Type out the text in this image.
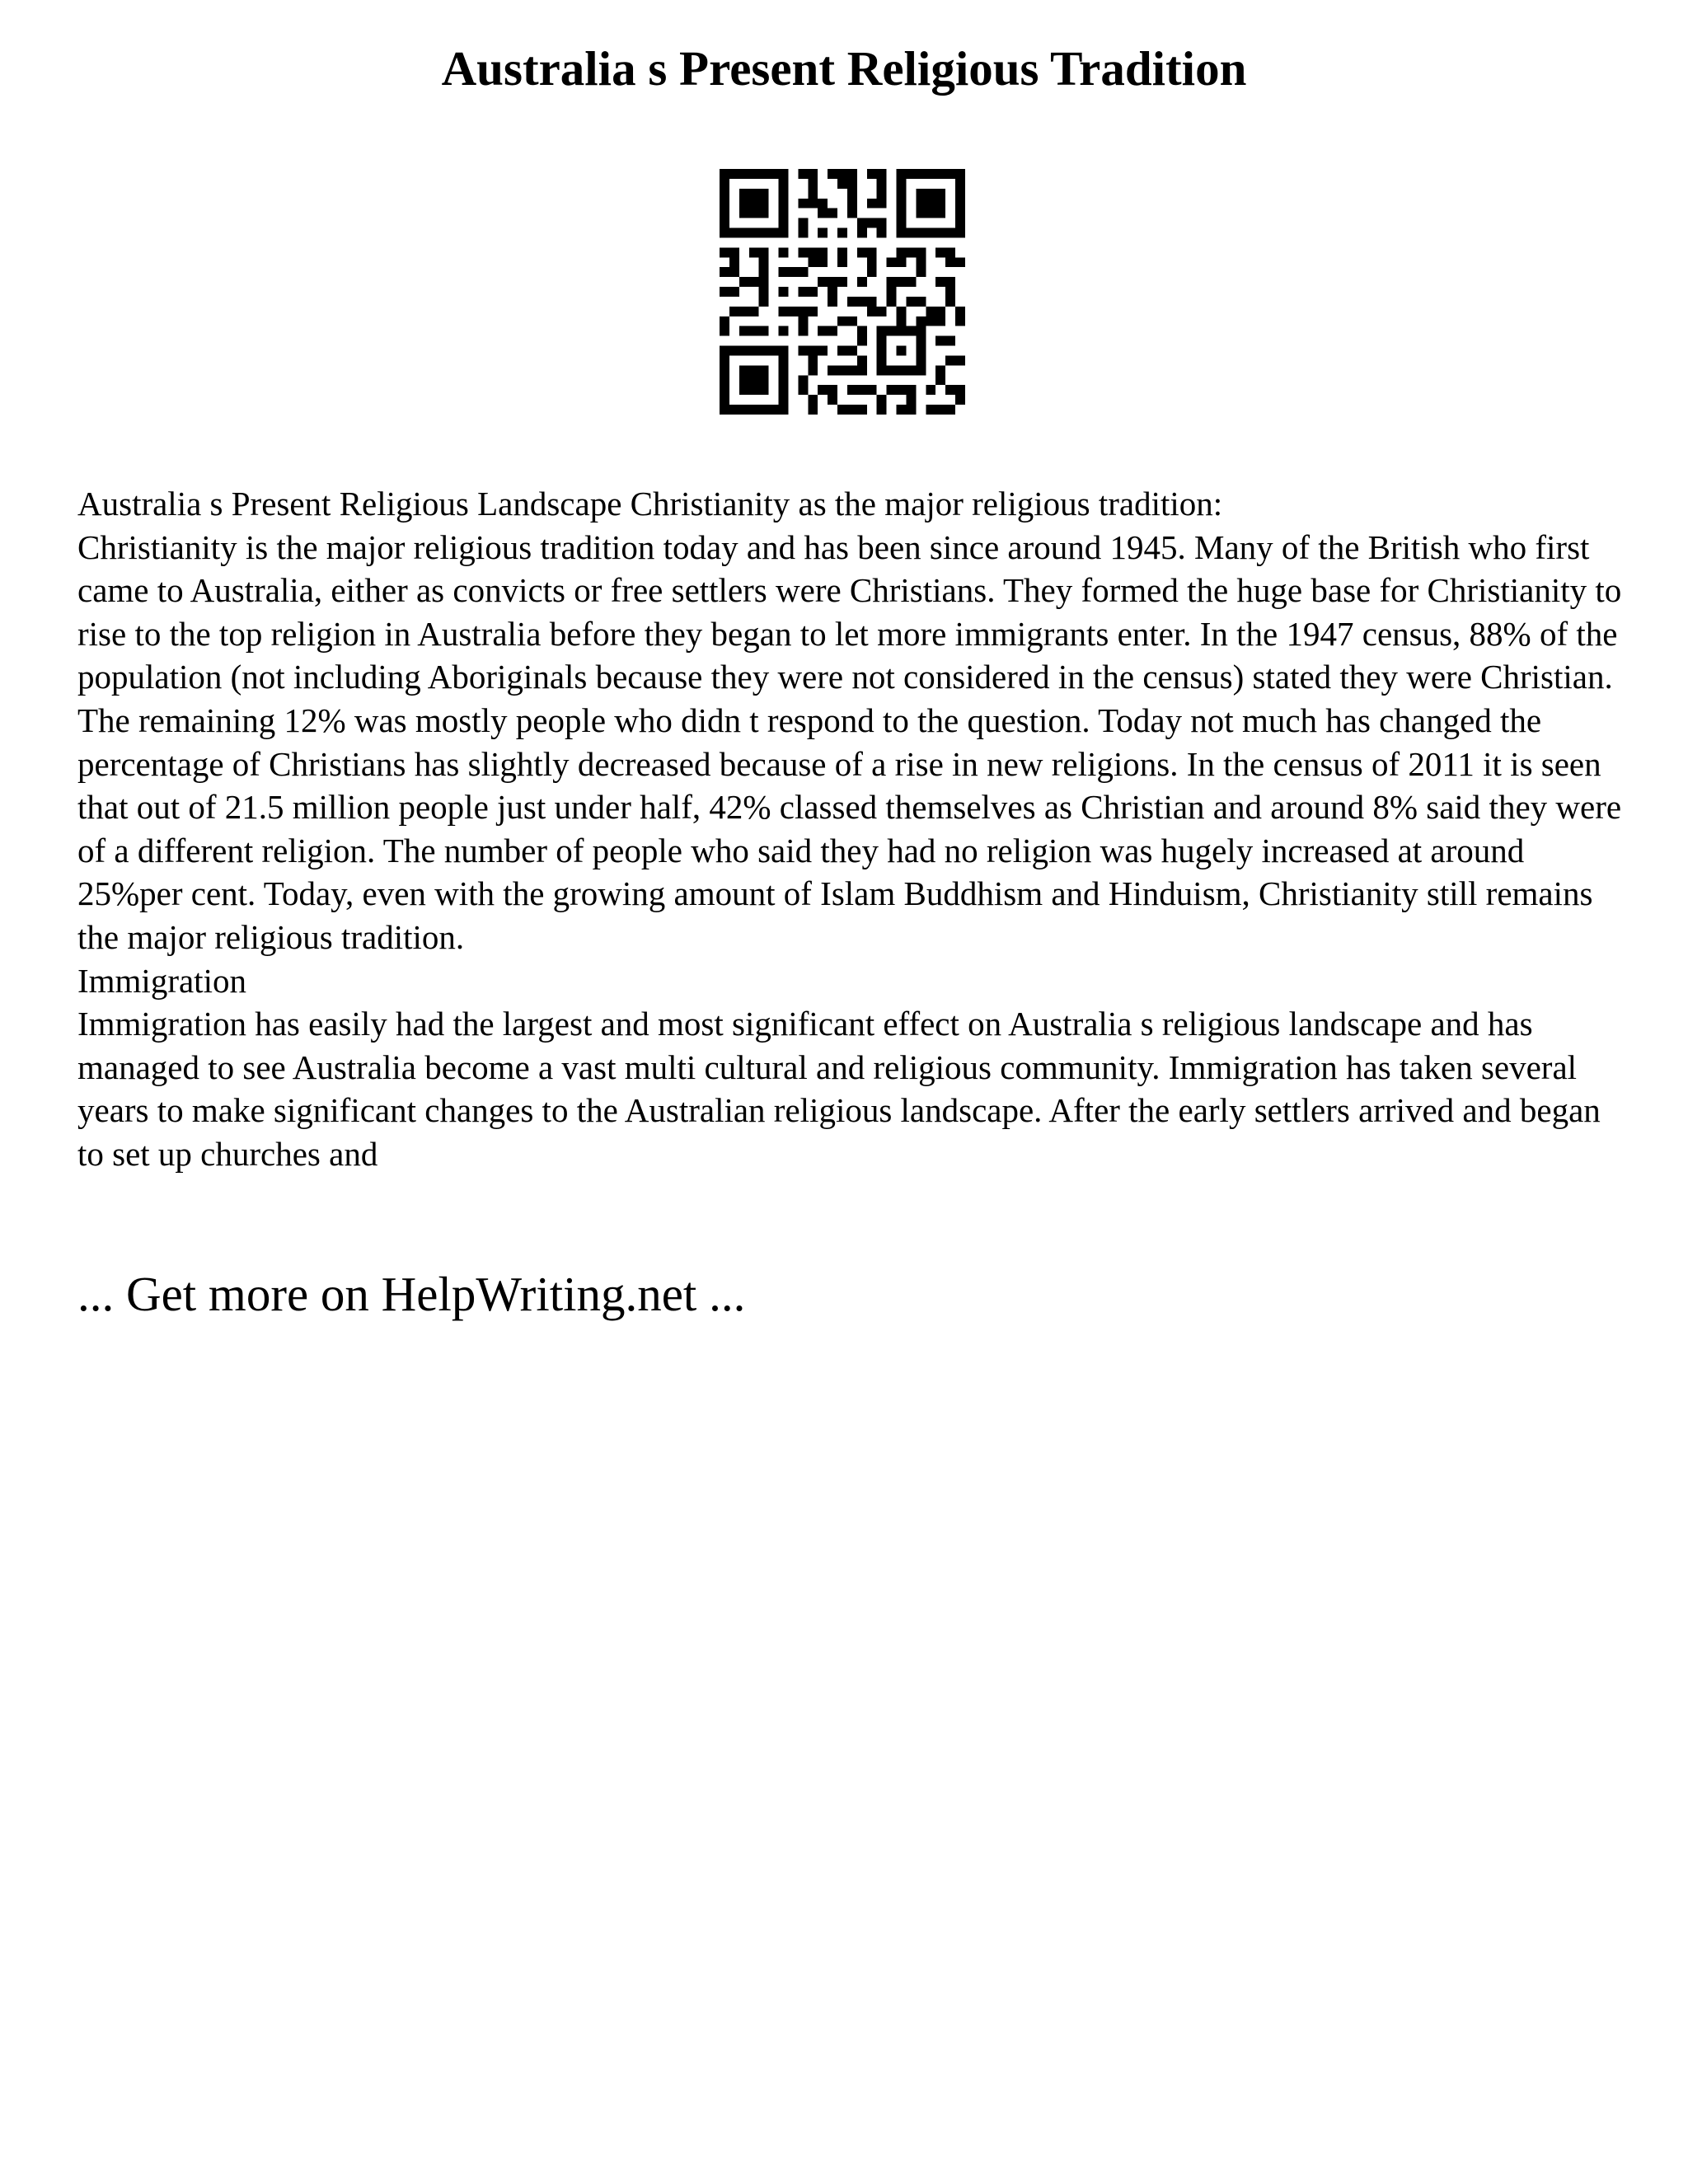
Australia s Present Religious Tradition

Australia s Present Religious Landscape Christianity as the major religious tradition:

Christianity is the major religious tradition today and has been since around 1945. Many of the British who first came to Australia, either as convicts or free settlers were Christians. They formed the huge base for Christianity to rise to the top religion in Australia before they began to let more immigrants enter. In the 1947 census, 88% of the population (not including Aboriginals because they were not considered in the census) stated they were Christian. The remaining 12% was mostly people who didn t respond to the question. Today not much has changed the percentage of Christians has slightly decreased because of a rise in new religions. In the census of 2011 it is seen that out of 21.5 million people just under half, 42% classed themselves as Christian and around 8% said they were of a different religion. The number of people who said they had no religion was hugely increased at around 25%per cent. Today, even with the growing amount of Islam Buddhism and Hinduism, Christianity still remains the major religious tradition.

Immigration

Immigration has easily had the largest and most significant effect on Australia s religious landscape and has managed to see Australia become a vast multi cultural and religious community. Immigration has taken several years to make significant changes to the Australian religious landscape. After the early settlers arrived and began to set up churches and

... Get more on HelpWriting.net ...
